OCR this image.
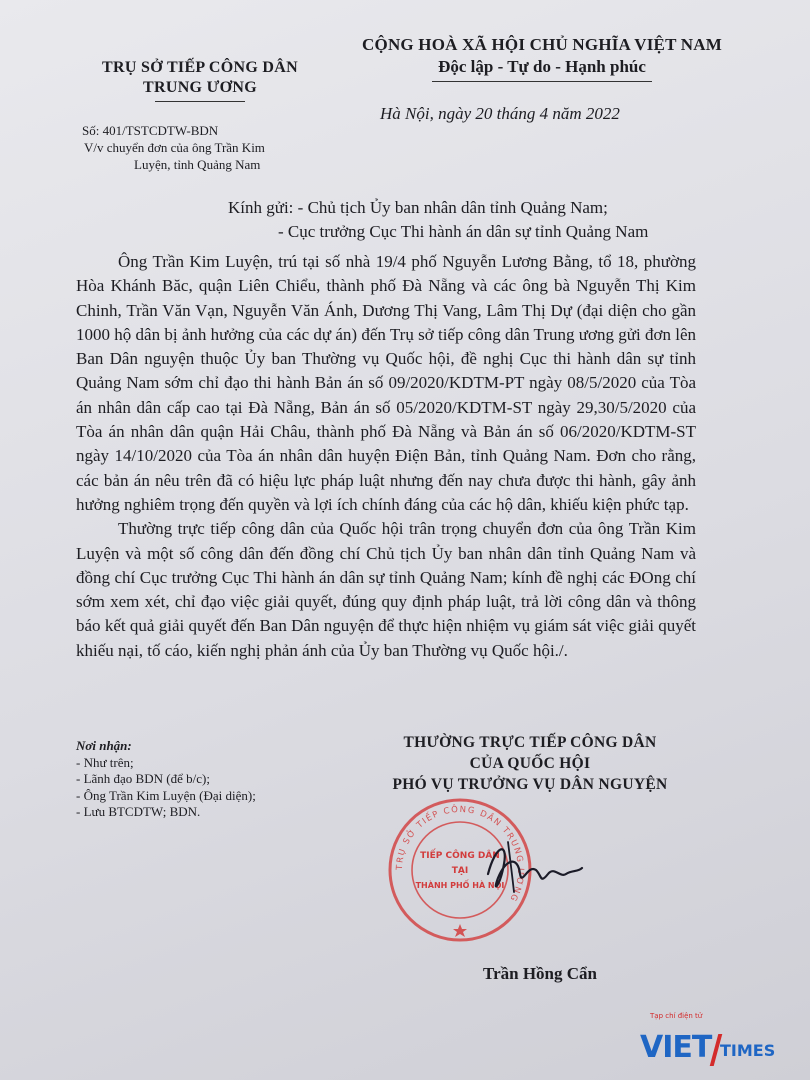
TRỤ SỞ TIẾP CÔNG DÂN
TRUNG ƯƠNG
CỘNG HOÀ XÃ HỘI CHỦ NGHĨA VIỆT NAM
Độc lập - Tự do - Hạnh phúc
Hà Nội, ngày 20 tháng 4 năm 2022
Số: 401/TSTCDTW-BDN
V/v chuyển đơn của ông Trần Kim
Luyện, tỉnh Quảng Nam
Kính gửi: - Chủ tịch Ủy ban nhân dân tỉnh Quảng Nam;
- Cục trưởng Cục Thi hành án dân sự tỉnh Quảng Nam

Ông Trần Kim Luyện, trú tại số nhà 19/4 phố Nguyễn Lương Bằng, tổ 18, phường Hòa Khánh Băc, quận Liên Chiểu, thành phố Đà Nẵng và các ông bà Nguyễn Thị Kim Chinh, Trần Văn Vạn, Nguyễn Văn Ánh, Dương Thị Vang, Lâm Thị Dự (đại diện cho gần 1000 hộ dân bị ảnh hưởng của các dự án) đến Trụ sở tiếp công dân Trung ương gửi đơn lên Ban Dân nguyện thuộc Ủy ban Thường vụ Quốc hội, đề nghị Cục thi hành dân sự tỉnh Quảng Nam sớm chỉ đạo thi hành Bản án số 09/2020/KDTM-PT ngày 08/5/2020 của Tòa án nhân dân cấp cao tại Đà Nẵng, Bản án số 05/2020/KDTM-ST ngày 29,30/5/2020 của Tòa án nhân dân quận Hải Châu, thành phố Đà Nẵng và Bản án số 06/2020/KDTM-ST ngày 14/10/2020 của Tòa án nhân dân huyện Điện Bản, tỉnh Quảng Nam. Đơn cho rằng, các bản án nêu trên đã có hiệu lực pháp luật nhưng đến nay chưa được thi hành, gây ảnh hưởng nghiêm trọng đến quyền và lợi ích chính đáng của các hộ dân, khiếu kiện phức tạp.

Thường trực tiếp công dân của Quốc hội trân trọng chuyển đơn của ông Trần Kim Luyện và một số công dân đến đồng chí Chủ tịch Ủy ban nhân dân tỉnh Quảng Nam và đồng chí Cục trưởng Cục Thi hành án dân sự tỉnh Quảng Nam; kính đề nghị các ĐOng chí sớm xem xét, chỉ đạo việc giải quyết, đúng quy định pháp luật, trả lời công dân và thông báo kết quả giải quyết đến Ban Dân nguyện để thực hiện nhiệm vụ giám sát việc giải quyết khiếu nại, tố cáo, kiến nghị phản ánh của Ủy ban Thường vụ Quốc hội./.

Nơi nhận:
- Như trên;
- Lãnh đạo BDN (để b/c);
- Ông Trần Kim Luyện (Đại diện);
- Lưu BTCDTW; BDN.
THƯỜNG TRỰC TIẾP CÔNG DÂN
CỦA QUỐC HỘI
PHÓ VỤ TRƯỞNG VỤ DÂN NGUYỆN
TRỤ SỞ TIẾP CÔNG DÂN TRUNG ƯƠNG
TIẾP CÔNG DÂN
TẠI
THÀNH PHỐ HÀ NỘI
Trần Hồng Cẩn
Tạp chí điện tử
VIET TIMES
